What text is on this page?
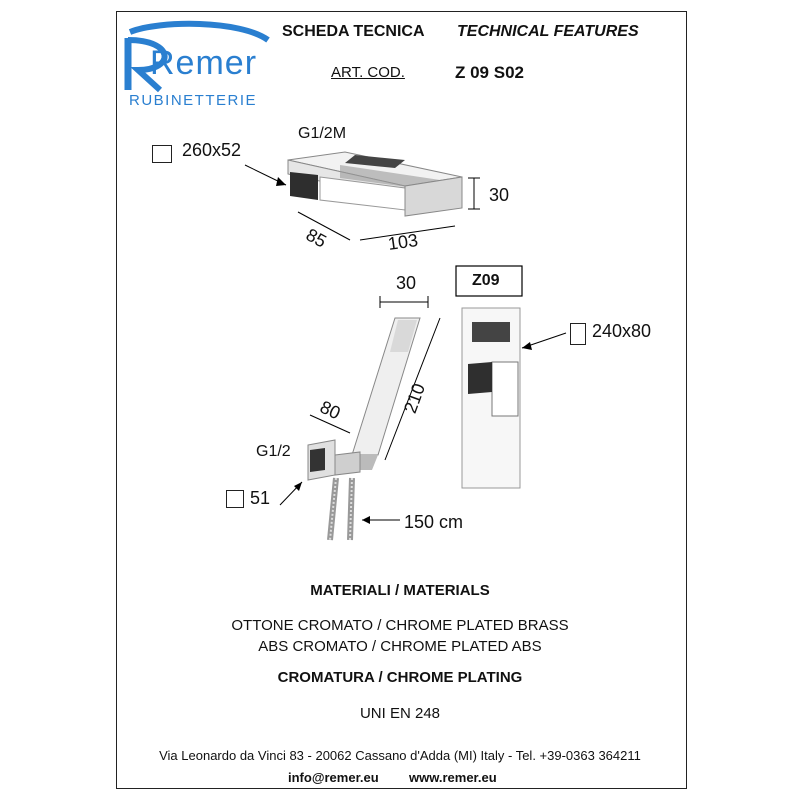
Remer
RUBINETTERIE
SCHEDA TECNICA TECHNICAL FEATURES
ART. COD.	Z 09 S02
260x52
G1/2M
30
85	103
30
210
80
G1/2
51
150 cm
Z09
240x80
MATERIALI / MATERIALS
OTTONE CROMATO / CHROME PLATED BRASS
ABS CROMATO / CHROME PLATED ABS
CROMATURA / CHROME PLATING
UNI EN 248
Via Leonardo da Vinci 83 - 20062 Cassano d'Adda (MI) Italy - Tel. +39-0363 364211
info@remer.eu www.remer.eu
